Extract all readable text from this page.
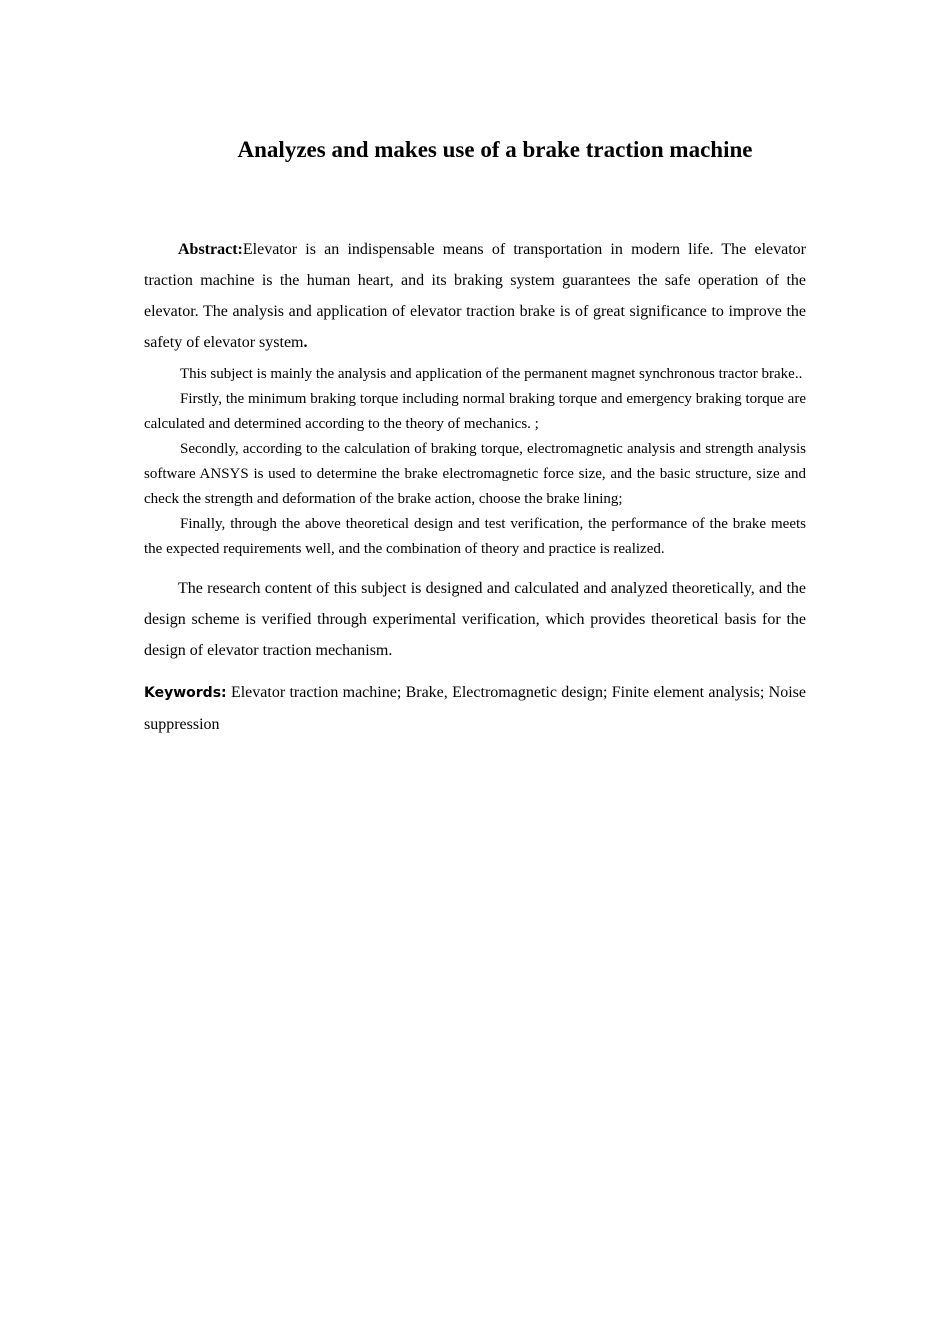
Analyzes and makes use of a brake traction machine

Abstract:Elevator is an indispensable means of transportation in modern life. The elevator traction machine is the human heart, and its braking system guarantees the safe operation of the elevator. The analysis and application of elevator traction brake is of great significance to improve the safety of elevator system.

This subject is mainly the analysis and application of the permanent magnet synchronous tractor brake..

Firstly, the minimum braking torque including normal braking torque and emergency braking torque are calculated and determined according to the theory of mechanics. ;

Secondly, according to the calculation of braking torque, electromagnetic analysis and strength analysis software ANSYS is used to determine the brake electromagnetic force size, and the basic structure, size and check the strength and deformation of the brake action, choose the brake lining;

Finally, through the above theoretical design and test verification, the performance of the brake meets the expected requirements well, and the combination of theory and practice is realized.

The research content of this subject is designed and calculated and analyzed theoretically, and the design scheme is verified through experimental verification, which provides theoretical basis for the design of elevator traction mechanism.

Keywords: Elevator traction machine; Brake, Electromagnetic design; Finite element analysis; Noise suppression
